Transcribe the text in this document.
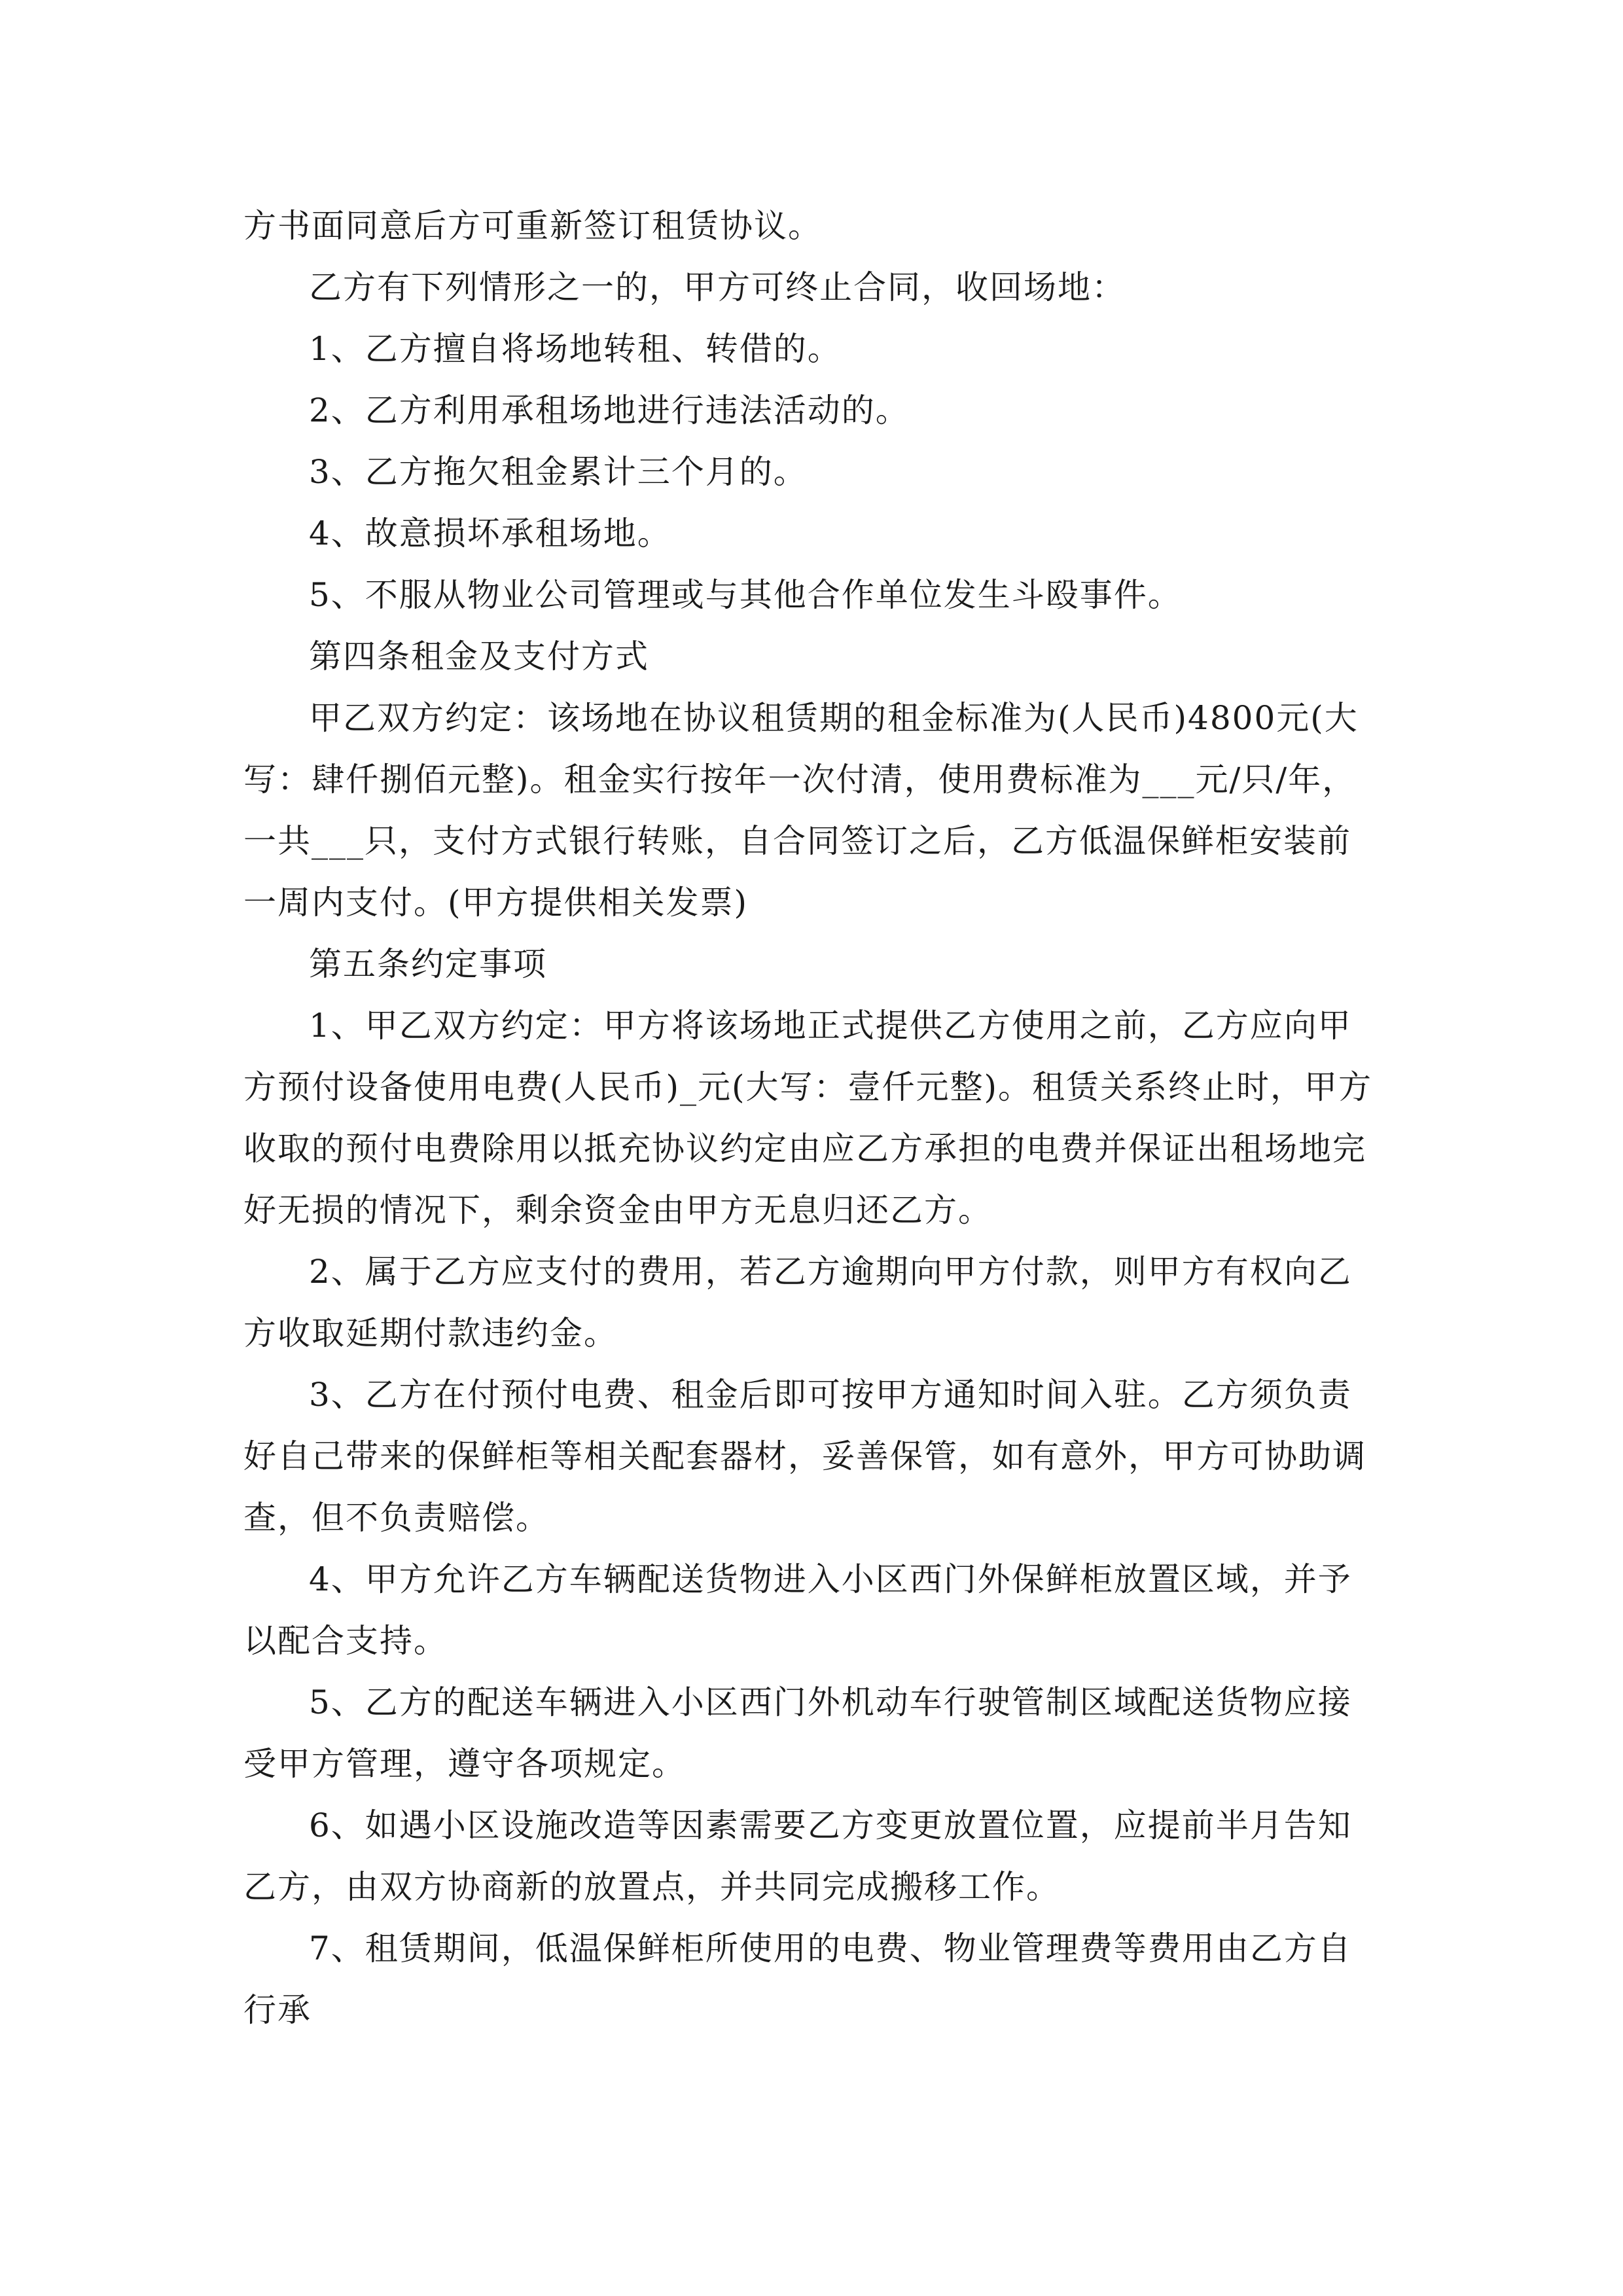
方书面同意后方可重新签订租赁协议。

乙方有下列情形之一的，甲方可终止合同，收回场地：

1、乙方擅自将场地转租、转借的。

2、乙方利用承租场地进行违法活动的。

3、乙方拖欠租金累计三个月的。

4、故意损坏承租场地。

5、不服从物业公司管理或与其他合作单位发生斗殴事件。

第四条租金及支付方式

甲乙双方约定：该场地在协议租赁期的租金标准为(人民币)4800元(大写：肆仟捌佰元整)。租金实行按年一次付清，使用费标准为___元/只/年，一共___只，支付方式银行转账，自合同签订之后，乙方低温保鲜柜安装前一周内支付。(甲方提供相关发票)

第五条约定事项

1、甲乙双方约定：甲方将该场地正式提供乙方使用之前，乙方应向甲方预付设备使用电费(人民币)_元(大写：壹仟元整)。租赁关系终止时，甲方收取的预付电费除用以抵充协议约定由应乙方承担的电费并保证出租场地完好无损的情况下，剩余资金由甲方无息归还乙方。

2、属于乙方应支付的费用，若乙方逾期向甲方付款，则甲方有权向乙方收取延期付款违约金。

3、乙方在付预付电费、租金后即可按甲方通知时间入驻。乙方须负责好自己带来的保鲜柜等相关配套器材，妥善保管，如有意外，甲方可协助调查，但不负责赔偿。

4、甲方允许乙方车辆配送货物进入小区西门外保鲜柜放置区域，并予以配合支持。

5、乙方的配送车辆进入小区西门外机动车行驶管制区域配送货物应接受甲方管理，遵守各项规定。

6、如遇小区设施改造等因素需要乙方变更放置位置，应提前半月告知乙方，由双方协商新的放置点，并共同完成搬移工作。

7、租赁期间，低温保鲜柜所使用的电费、物业管理费等费用由乙方自行承
